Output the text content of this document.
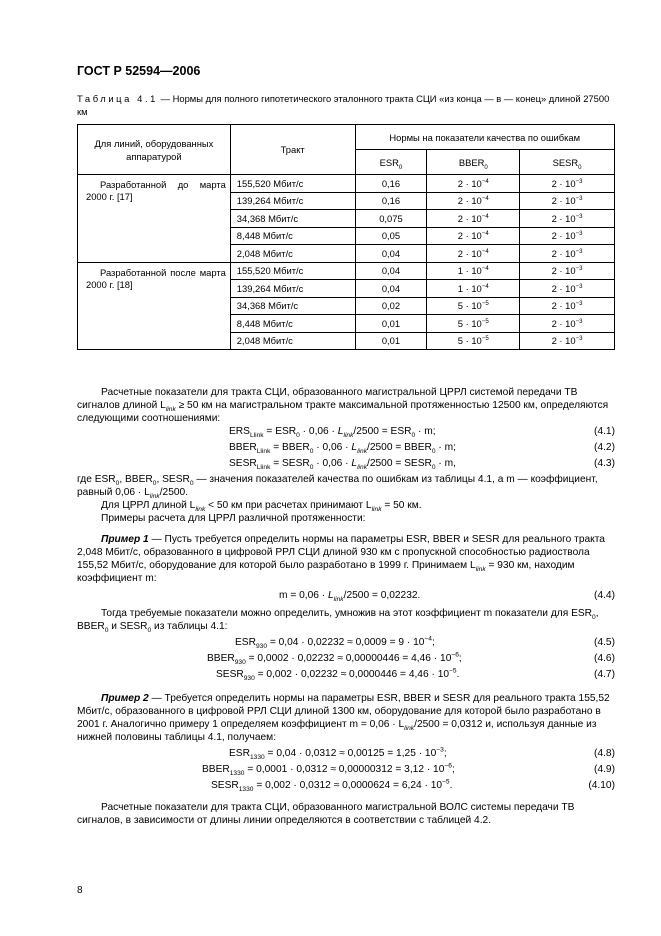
ГОСТ Р 52594—2006
Таблица 4.1 — Нормы для полного гипотетического эталонного тракта СЦИ «из конца — в — конец» длиной 27500 км
Для линий, оборудованных аппаратурой	Тракт	Нормы на показатели качества по ошибкам		
		$ESR_0$	$BBER_0$	$SESR_0$
Разработанной до марта 2000 г. [17]	155,520 Мбит/с	0,16	$2 \cdot 10^{-4}$	$2 \cdot 10^{-3}$
	139,264 Мбит/с	0,16	$2 \cdot 10^{-4}$	$2 \cdot 10^{-3}$
	34,368 Мбит/с	0,075	$2 \cdot 10^{-4}$	$2 \cdot 10^{-3}$
	8,448 Мбит/с	0,05	$2 \cdot 10^{-4}$	$2 \cdot 10^{-3}$
	2,048 Мбит/с	0,04	$2 \cdot 10^{-4}$	$2 \cdot 10^{-3}$
Разработанной после марта 2000 г. [18]	155,520 Мбит/с	0,04	$1 \cdot 10^{-4}$	$2 \cdot 10^{-3}$
	139,264 Мбит/с	0,04	$1 \cdot 10^{-4}$	$2 \cdot 10^{-3}$
	34,368 Мбит/с	0,02	$5 \cdot 10^{-5}$	$2 \cdot 10^{-3}$
	8,448 Мбит/с	0,01	$5 \cdot 10^{-5}$	$2 \cdot 10^{-3}$
	2,048 Мбит/с	0,01	$5 \cdot 10^{-5}$	$2 \cdot 10^{-3}$

Расчетные показатели для тракта СЦИ, образованного магистральной ЦРРЛ системой передачи ТВ сигналов длиной $L_{link} \ge 50$ км на магистральном тракте максимальной протяженностью 12500 км, определяются следующими соотношениями:

$ERS_{Llink} = ESR_0 \cdot 0,06 \cdot L_{link}/2500 = ESR_0 \cdot m$;	(4.1)
$BBER_{Llink}$ = $BBER_0 \cdot 0,06 \cdot L_{link}/2500$ = $BBER_0 \cdot m$;	(4.2)
$SESR_{Llink}$ = $SESR_0 \cdot 0,06 \cdot L_{link}/2500$ = $SESR_0 \cdot m$,	(4.3)

где $ESR_0$, $BBER_0$, $SESR_0$ — значения показателей качества по ошибкам из таблицы 4.1, а m — коэффициент, равный $0,06 \cdot L_{link}/2500$.

Для ЦРРЛ длиной $L_{link} < 50$ км при расчетах принимают $L_{link} = 50$ км.

Примеры расчета для ЦРРЛ различной протяженности:

Пример 1 — Пусть требуется определить нормы на параметры ESR, BBER и SESR для реального тракта 2,048 Мбит/с, образованного в цифровой РРЛ СЦИ длиной 930 км с пропускной способностью радиоствола 155,52 Мбит/с, оборудование для которой было разработано в 1999 г. Принимаем $L_{link} = 930$ км, находим коэффициент m:

$m = 0,06 \cdot L_{link}/2500 = 0,02232$.	(4.4)

Тогда требуемые показатели можно определить, умножив на этот коэффициент m показатели для $ESR_0$, $BBER_0$ и $SESR_0$ из таблицы 4.1:

$ESR_{930} = 0,04 \cdot 0,02232 \approx 0,0009 = 9 \cdot 10^{-4}$;	(4.5)
$BBER_{930} = 0,0002 \cdot 0,02232 \approx 0,00000446 = 4,46 \cdot 10^{-6}$;	(4.6)
$SESR_{930} = 0,002 \cdot 0,02232 \approx 0,0000446 = 4,46 \cdot 10^{-5}$.	(4.7)

Пример 2 — Требуется определить нормы на параметры ESR, BBER и SESR для реального тракта 155,52 Мбит/с, образованного в цифровой РРЛ СЦИ длиной 1300 км, оборудование для которой было разработано в 2001 г. Аналогично примеру 1 определяем коэффициент $m = 0,06 \cdot L_{link}/2500 = 0,0312$ и, используя данные из нижней половины таблицы 4.1, получаем:

$ESR_{1330} = 0,04 \cdot 0,0312 \approx 0,00125 = 1,25 \cdot 10^{-3}$;	(4.8)
$BBER_{1330} = 0,0001 \cdot 0,0312 \approx 0,00000312 = 3,12 \cdot 10^{-6}$;	(4.9)
$SESR_{1330} = 0,002 \cdot 0,0312 \approx 0,0000624 = 6,24 \cdot 10^{-5}$.	(4.10)

Расчетные показатели для тракта СЦИ, образованного магистральной ВОЛС системы передачи ТВ сигналов, в зависимости от длины линии определяются в соответствии с таблицей 4.2.

8
